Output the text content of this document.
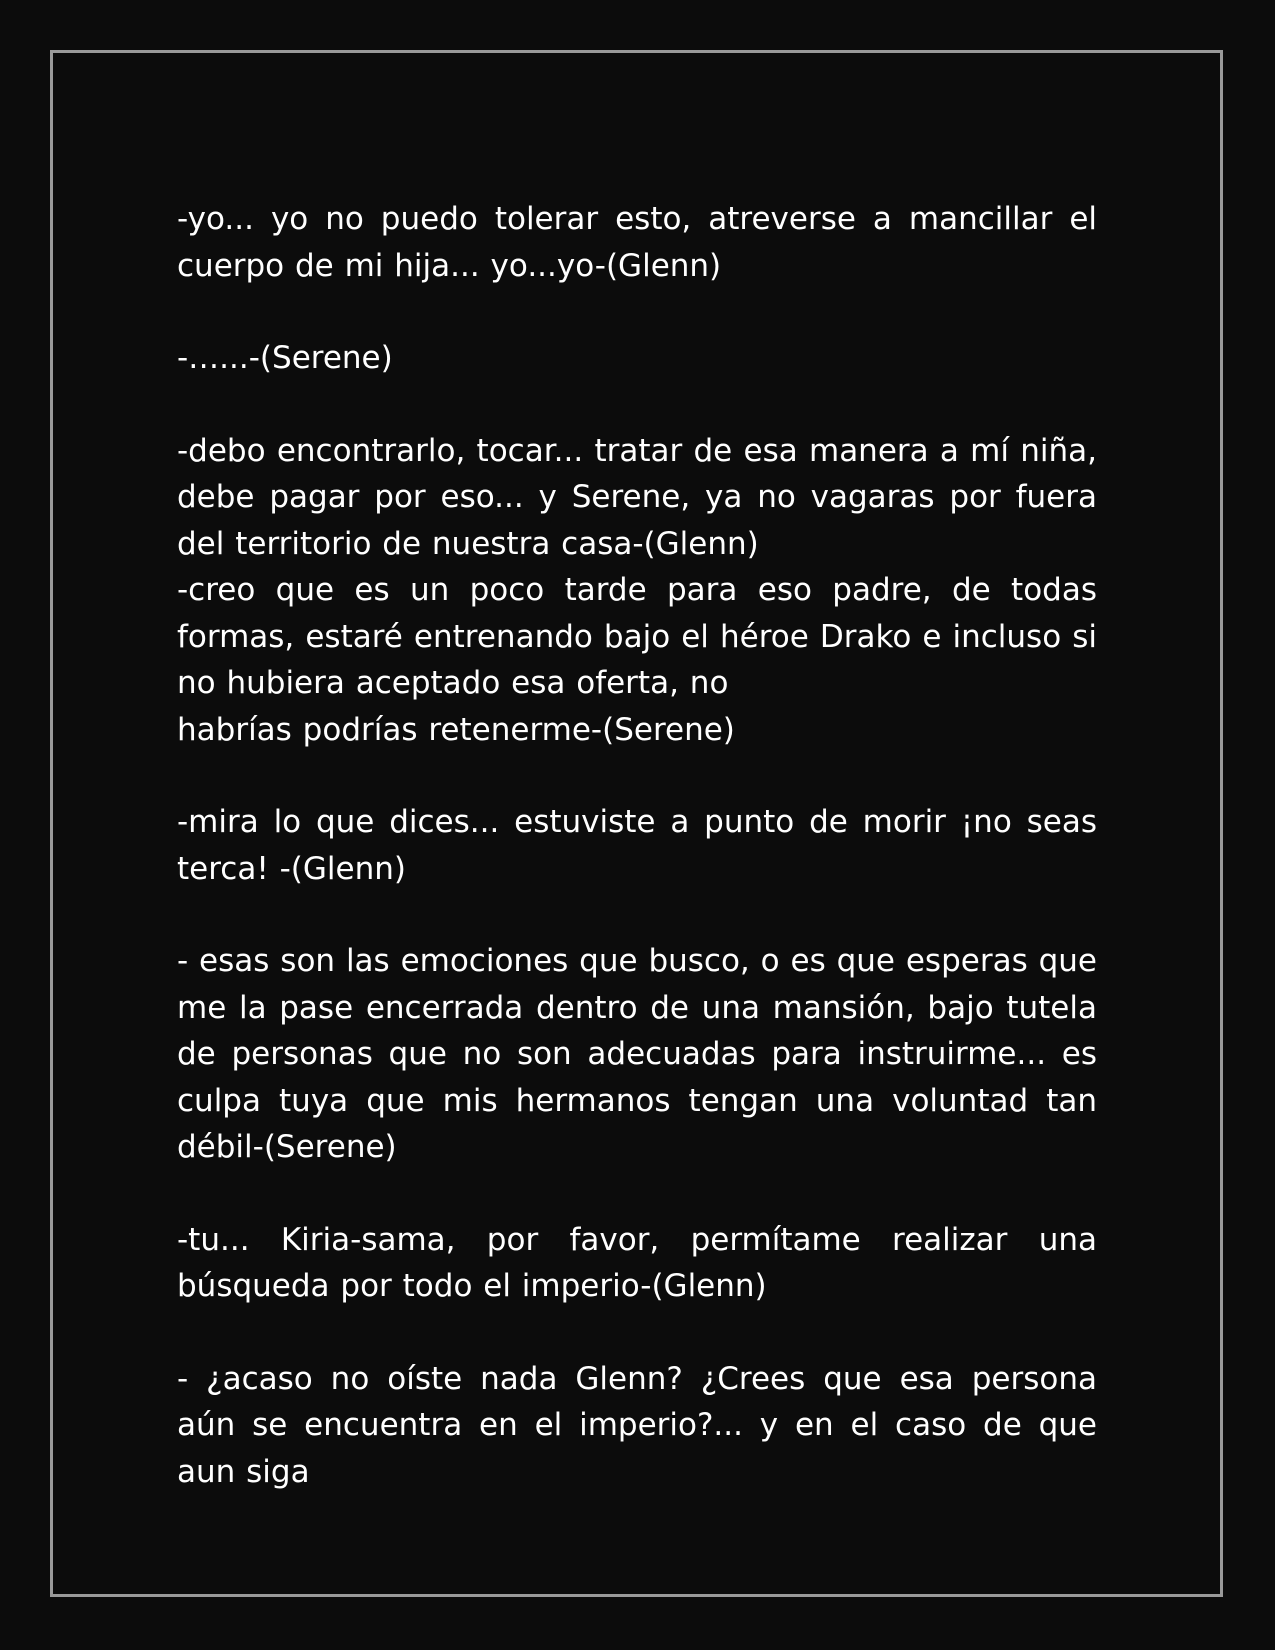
-yo... yo no puedo tolerar esto, atreverse a mancillar el cuerpo de mi hija... yo...yo-(Glenn)

-…...-(Serene)

-debo encontrarlo, tocar... tratar de esa manera a mí niña, debe pagar por eso... y Serene, ya no vagaras por fuera del territorio de nuestra casa-(Glenn)

-creo que es un poco tarde para eso padre, de todas formas, estaré entrenando bajo el héroe Drako e incluso si no hubiera aceptado esa oferta, no
habrías podrías retenerme-(Serene)

-mira lo que dices... estuviste a punto de morir ¡no seas terca! -(Glenn)

- esas son las emociones que busco, o es que esperas que me la pase encerrada dentro de una mansión, bajo tutela de personas que no son adecuadas para instruirme... es culpa tuya que mis hermanos tengan una voluntad tan débil-(Serene)

-tu... Kiria-sama, por favor, permítame realizar una búsqueda por todo el imperio-(Glenn)

- ¿acaso no oíste nada Glenn? ¿Crees que esa persona aún se encuentra en el imperio?... y en el caso de que aun siga
